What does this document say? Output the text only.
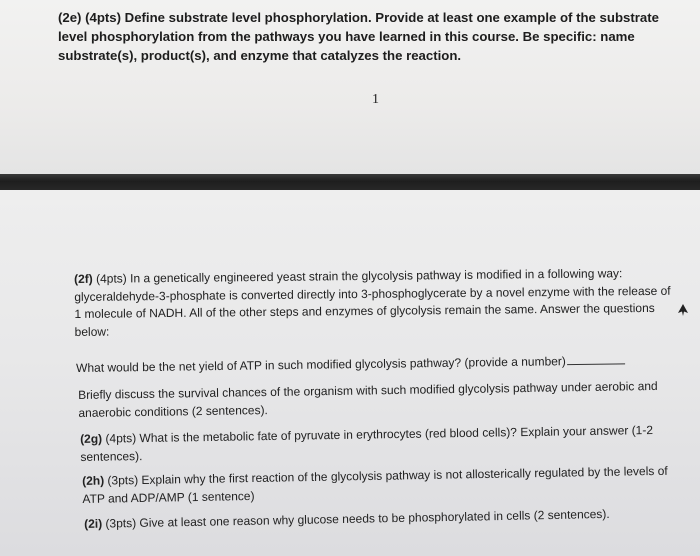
(2e) (4pts) Define substrate level phosphorylation. Provide at least one example of the substrate level phosphorylation from the pathways you have learned in this course. Be specific: name substrate(s), product(s), and enzyme that catalyzes the reaction.
1
(2f) (4pts) In a genetically engineered yeast strain the glycolysis pathway is modified in a following way: glyceraldehyde-3-phosphate is converted directly into 3-phosphoglycerate by a novel enzyme with the release of 1 molecule of NADH. All of the other steps and enzymes of glycolysis remain the same. Answer the questions below:
What would be the net yield of ATP in such modified glycolysis pathway? (provide a number)
Briefly discuss the survival chances of the organism with such modified glycolysis pathway under aerobic and anaerobic conditions (2 sentences).
(2g) (4pts) What is the metabolic fate of pyruvate in erythrocytes (red blood cells)? Explain your answer (1-2 sentences).
(2h) (3pts) Explain why the first reaction of the glycolysis pathway is not allosterically regulated by the levels of ATP and ADP/AMP (1 sentence)
(2i) (3pts) Give at least one reason why glucose needs to be phosphorylated in cells (2 sentences).
